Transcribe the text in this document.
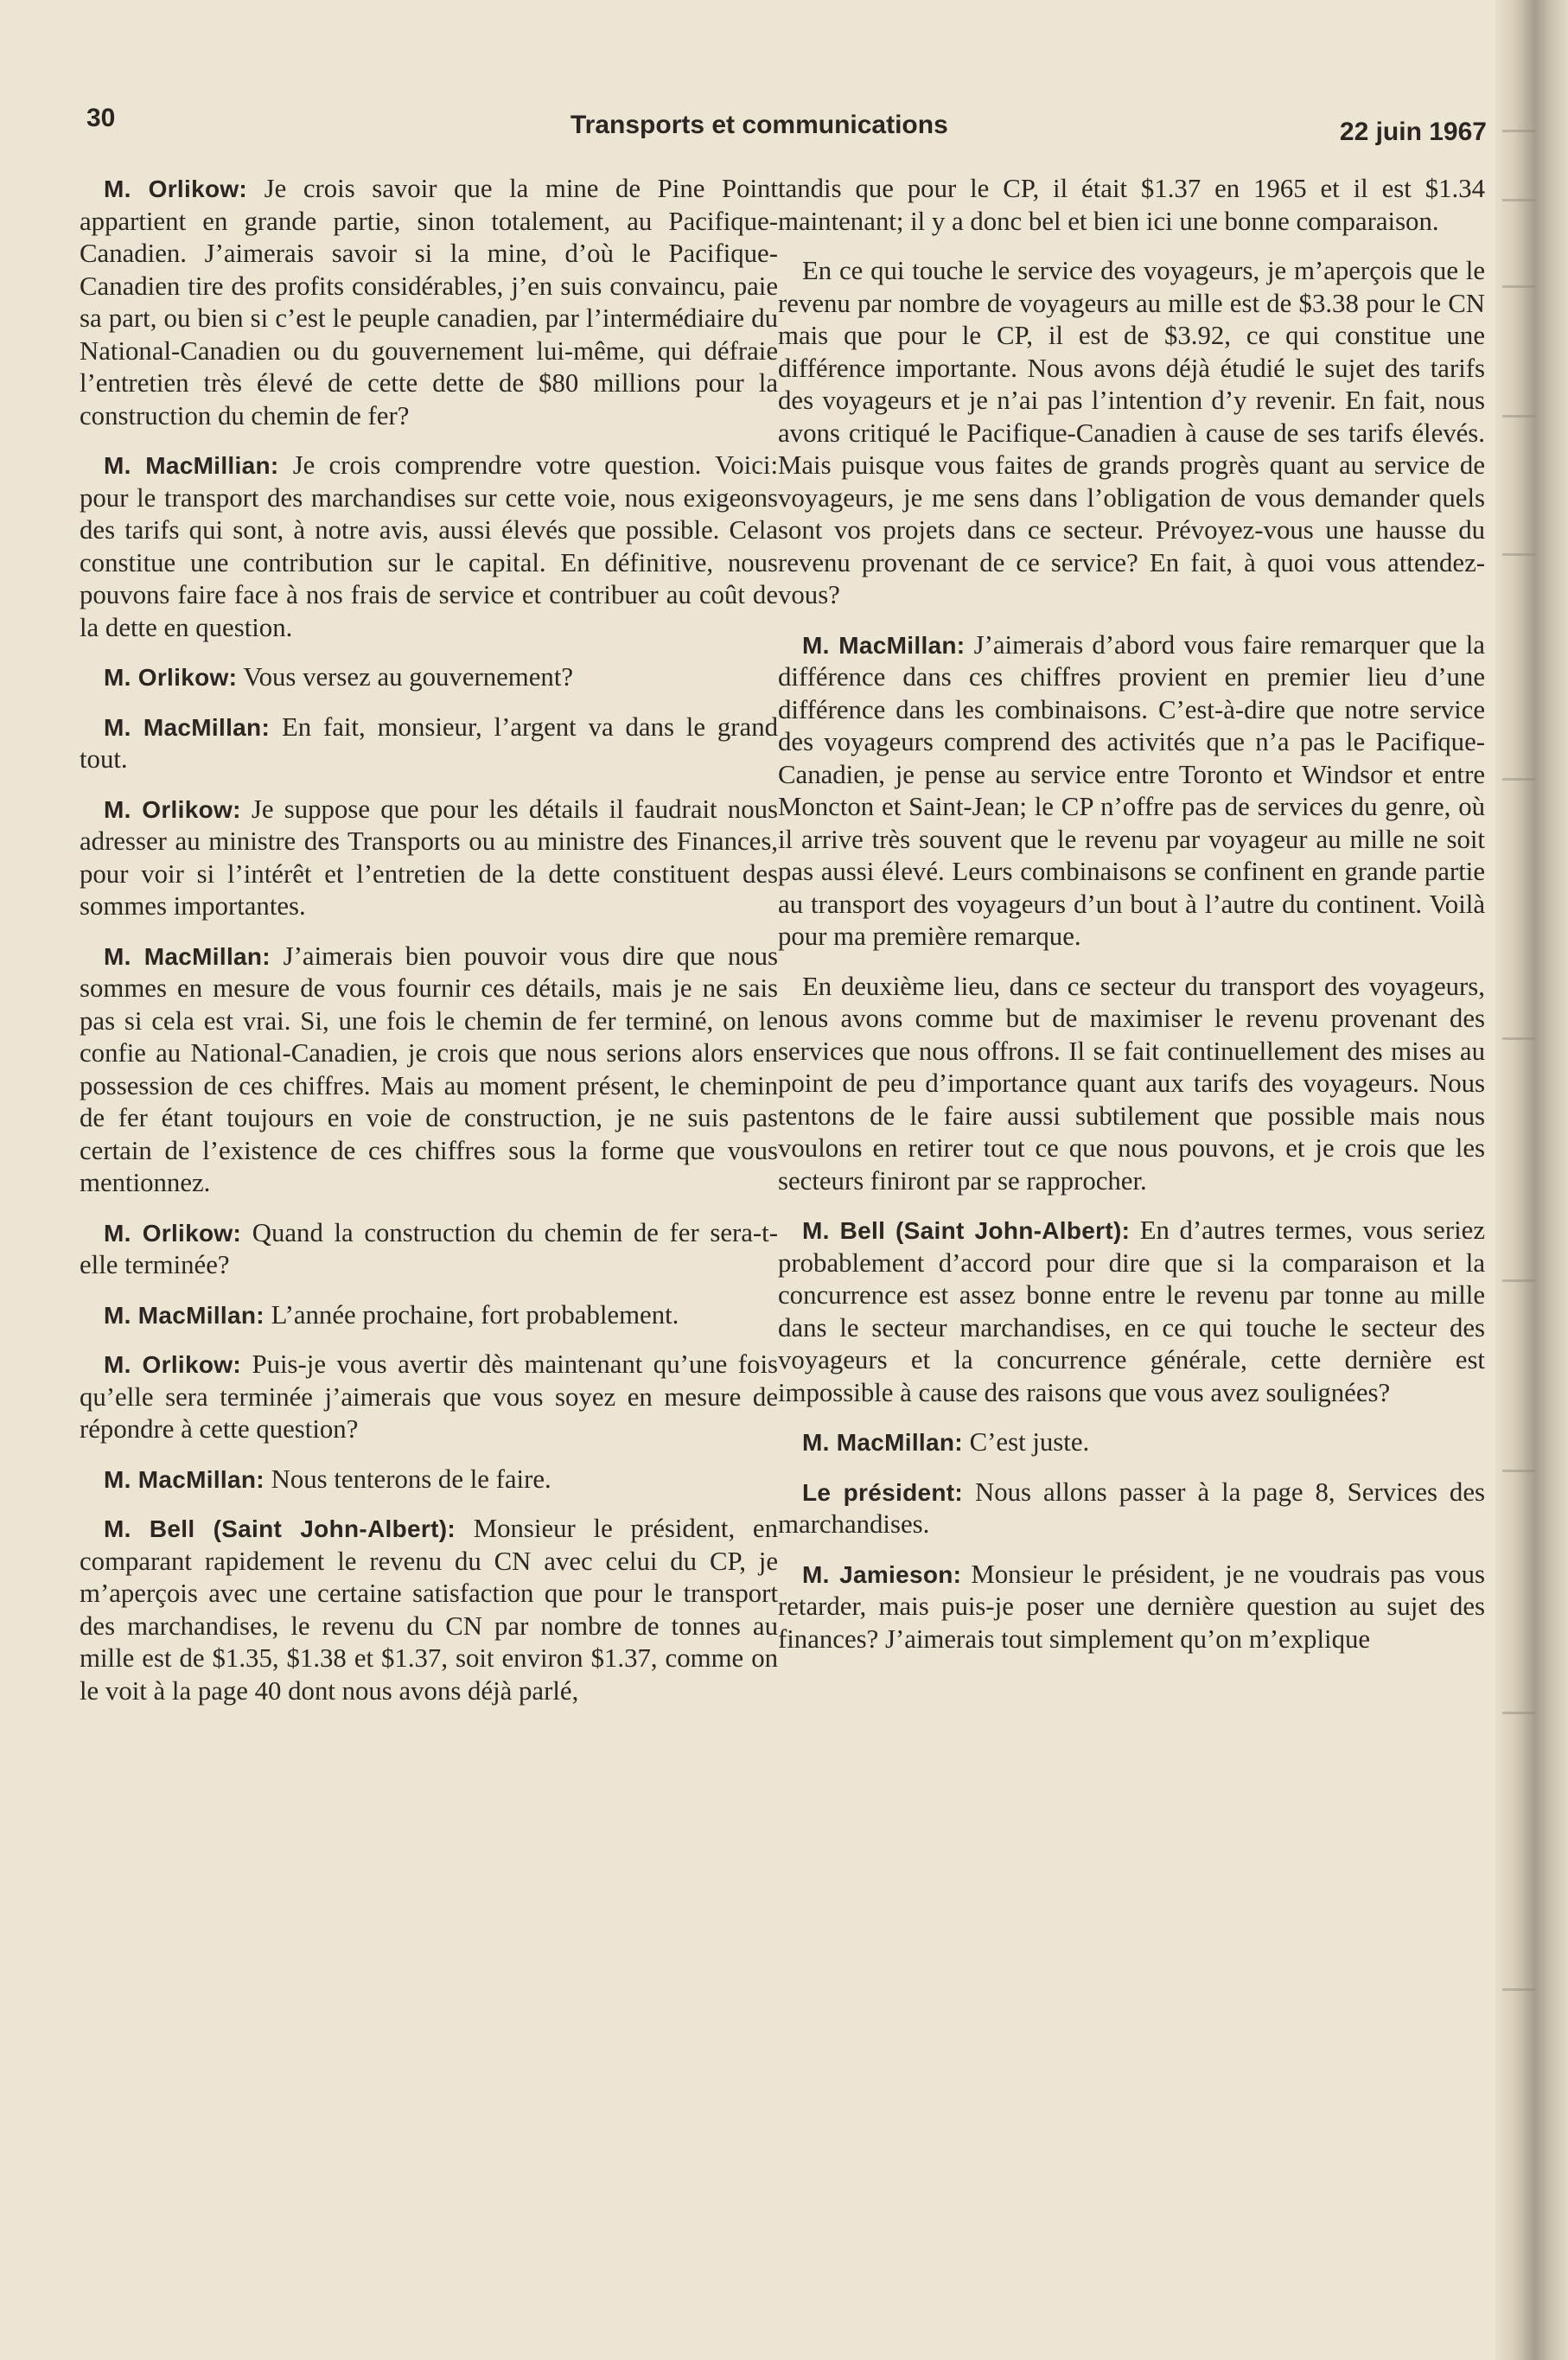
30	Transports et communications	22 juin 1967

M. Orlikow: Je crois savoir que la mine de Pine Point appartient en grande partie, sinon totalement, au Pacifique-Canadien. J’aimerais savoir si la mine, d’où le Pacifique-Canadien tire des profits considérables, j’en suis convaincu, paie sa part, ou bien si c’est le peuple canadien, par l’intermédiaire du National-Canadien ou du gouvernement lui-même, qui défraie l’entretien très élevé de cette dette de $80 millions pour la construction du chemin de fer?

M. MacMillian: Je crois comprendre votre question. Voici: pour le transport des marchandises sur cette voie, nous exigeons des tarifs qui sont, à notre avis, aussi élevés que possible. Cela constitue une contribution sur le capital. En définitive, nous pouvons faire face à nos frais de service et contribuer au coût de la dette en question.

M. Orlikow: Vous versez au gouvernement?

M. MacMillan: En fait, monsieur, l’argent va dans le grand tout.

M. Orlikow: Je suppose que pour les détails il faudrait nous adresser au ministre des Transports ou au ministre des Finances, pour voir si l’intérêt et l’entretien de la dette constituent des sommes importantes.

M. MacMillan: J’aimerais bien pouvoir vous dire que nous sommes en mesure de vous fournir ces détails, mais je ne sais pas si cela est vrai. Si, une fois le chemin de fer terminé, on le confie au National-Canadien, je crois que nous serions alors en possession de ces chiffres. Mais au moment présent, le chemin de fer étant toujours en voie de construction, je ne suis pas certain de l’existence de ces chiffres sous la forme que vous mentionnez.

M. Orlikow: Quand la construction du chemin de fer sera-t-elle terminée?

M. MacMillan: L’année prochaine, fort probablement.

M. Orlikow: Puis-je vous avertir dès maintenant qu’une fois qu’elle sera terminée j’aimerais que vous soyez en mesure de répondre à cette question?

M. MacMillan: Nous tenterons de le faire.

M. Bell (Saint John-Albert): Monsieur le président, en comparant rapidement le revenu du CN avec celui du CP, je m’aperçois avec une certaine satisfaction que pour le transport des marchandises, le revenu du CN par nombre de tonnes au mille est de $1.35, $1.38 et $1.37, soit environ $1.37, comme on le voit à la page 40 dont nous avons déjà parlé,

tandis que pour le CP, il était $1.37 en 1965 et il est $1.34 maintenant; il y a donc bel et bien ici une bonne comparaison.

En ce qui touche le service des voyageurs, je m’aperçois que le revenu par nombre de voyageurs au mille est de $3.38 pour le CN mais que pour le CP, il est de $3.92, ce qui constitue une différence importante. Nous avons déjà étudié le sujet des tarifs des voyageurs et je n’ai pas l’intention d’y revenir. En fait, nous avons critiqué le Pacifique-Canadien à cause de ses tarifs élevés. Mais puisque vous faites de grands progrès quant au service de voyageurs, je me sens dans l’obligation de vous demander quels sont vos projets dans ce secteur. Prévoyez-vous une hausse du revenu provenant de ce service? En fait, à quoi vous attendez-vous?

M. MacMillan: J’aimerais d’abord vous faire remarquer que la différence dans ces chiffres provient en premier lieu d’une différence dans les combinaisons. C’est-à-dire que notre service des voyageurs comprend des activités que n’a pas le Pacifique-Canadien, je pense au service entre Toronto et Windsor et entre Moncton et Saint-Jean; le CP n’offre pas de services du genre, où il arrive très souvent que le revenu par voyageur au mille ne soit pas aussi élevé. Leurs combinaisons se confinent en grande partie au transport des voyageurs d’un bout à l’autre du continent. Voilà pour ma première remarque.

En deuxième lieu, dans ce secteur du transport des voyageurs, nous avons comme but de maximiser le revenu provenant des services que nous offrons. Il se fait continuellement des mises au point de peu d’importance quant aux tarifs des voyageurs. Nous tentons de le faire aussi subtilement que possible mais nous voulons en retirer tout ce que nous pouvons, et je crois que les secteurs finiront par se rapprocher.

M. Bell (Saint John-Albert): En d’autres termes, vous seriez probablement d’accord pour dire que si la comparaison et la concurrence est assez bonne entre le revenu par tonne au mille dans le secteur marchandises, en ce qui touche le secteur des voyageurs et la concurrence générale, cette dernière est impossible à cause des raisons que vous avez soulignées?

M. MacMillan: C’est juste.

Le président: Nous allons passer à la page 8, Services des marchandises.

M. Jamieson: Monsieur le président, je ne voudrais pas vous retarder, mais puis-je poser une dernière question au sujet des finances? J’aimerais tout simplement qu’on m’explique
